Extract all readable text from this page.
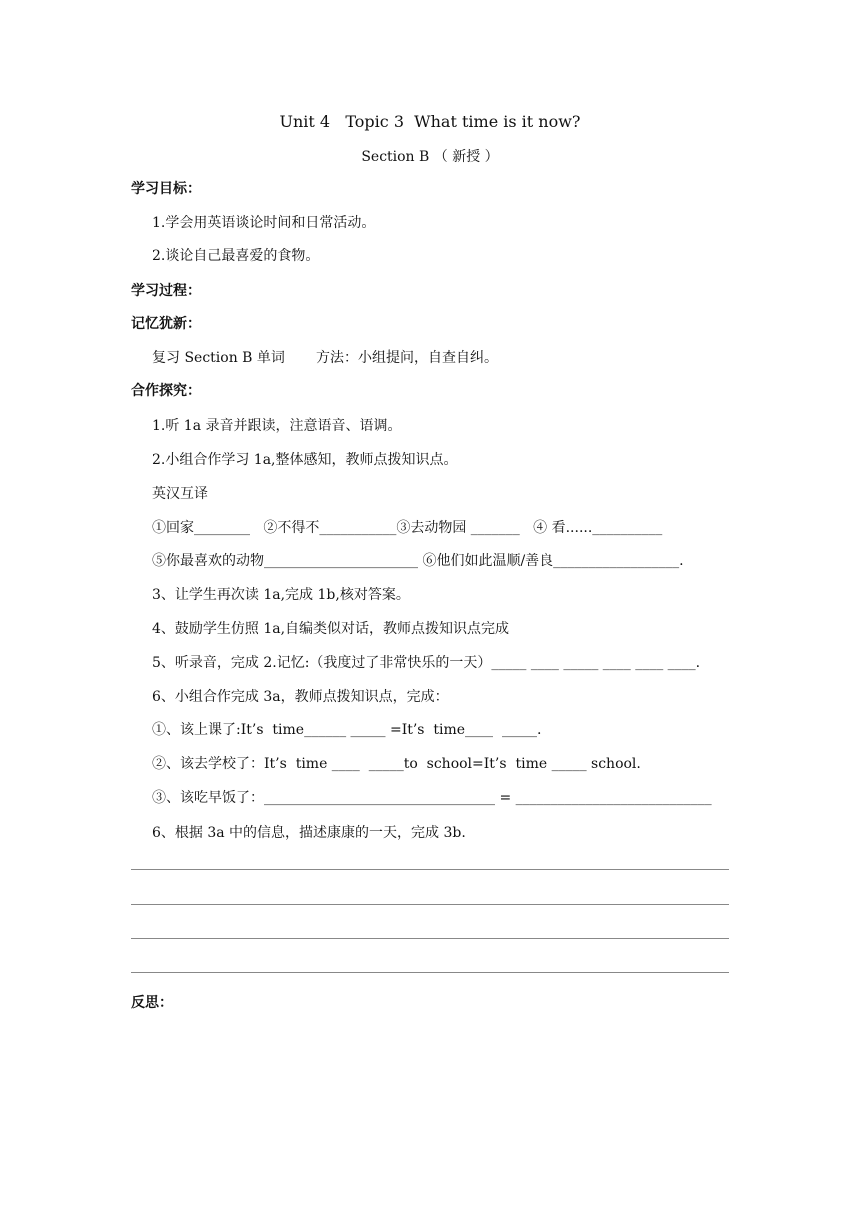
Unit 4   Topic 3  What time is it now?
Section B （ 新授 ）
学习目标：
1.学会用英语谈论时间和日常活动。
2.谈论自己最喜爱的食物。
学习过程：
记忆犹新：
复习 Section B 单词       方法：小组提问，自查自纠。
合作探究：
1.听 1a 录音并跟读，注意语音、语调。
2.小组合作学习 1a,整体感知，教师点拨知识点。
英汉互译
①回家________   ②不得不___________③去动物园 _______   ④ 看......__________
⑤你最喜欢的动物______________________ ⑥他们如此温顺/善良__________________.
3、让学生再次读 1a,完成 1b,核对答案。
4、鼓励学生仿照 1a,自编类似对话，教师点拨知识点完成
5、听录音，完成 2.记忆:（我度过了非常快乐的一天）_____ ____ _____ ____ ____ ____.
6、小组合作完成 3a，教师点拨知识点，完成：
①、该上课了:It’s  time______ _____ =It’s  time____  _____.
②、该去学校了：It’s  time ____  _____to  school=It’s  time _____ school.
③、该吃早饭了：_________________________________ = ____________________________
6、根据 3a 中的信息，描述康康的一天，完成 3b.
反思：
